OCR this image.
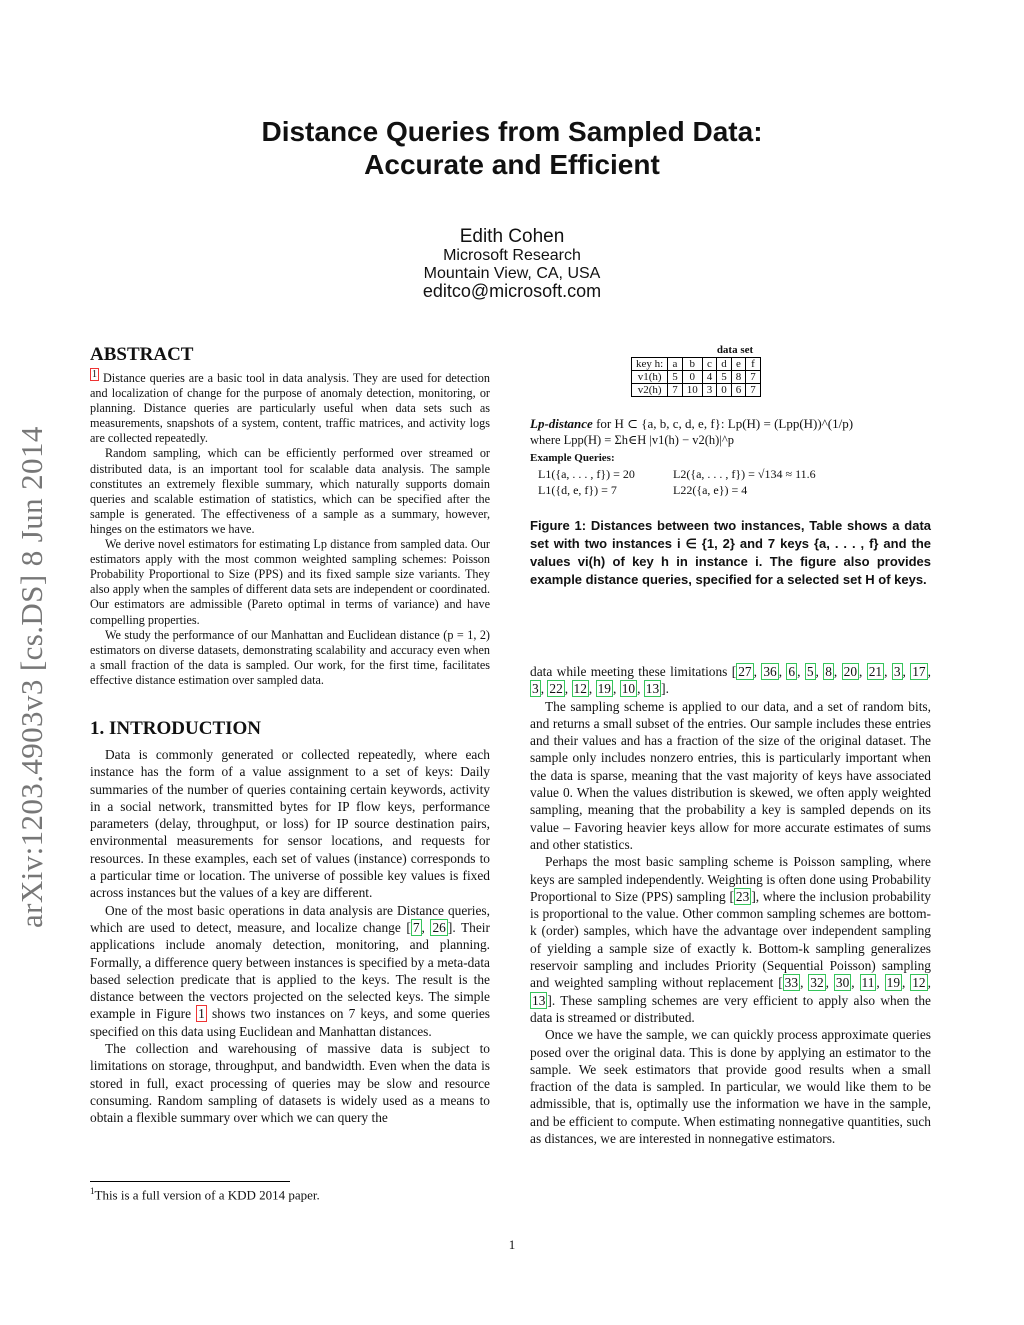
Distance Queries from Sampled Data:
Accurate and Efficient
Edith Cohen
Microsoft Research
Mountain View, CA, USA
editco@microsoft.com
arXiv:1203.4903v3 [cs.DS] 8 Jun 2014
ABSTRACT

$^1$ Distance queries are a basic tool in data analysis. They are used for detection and localization of change for the purpose of anomaly detection, monitoring, or planning. Distance queries are particularly useful when data sets such as measurements, snapshots of a system, content, traffic matrices, and activity logs are collected repeatedly.

Random sampling, which can be efficiently performed over streamed or distributed data, is an important tool for scalable data analysis. The sample constitutes an extremely flexible summary, which naturally supports domain queries and scalable estimation of statistics, which can be specified after the sample is generated. The effectiveness of a sample as a summary, however, hinges on the estimators we have.

We derive novel estimators for estimating Lp distance from sampled data. Our estimators apply with the most common weighted sampling schemes: Poisson Probability Proportional to Size (PPS) and its fixed sample size variants. They also apply when the samples of different data sets are independent or coordinated. Our estimators are admissible (Pareto optimal in terms of variance) and have compelling properties.

We study the performance of our Manhattan and Euclidean distance (p = 1, 2) estimators on diverse datasets, demonstrating scalability and accuracy even when a small fraction of the data is sampled. Our work, for the first time, facilitates effective distance estimation over sampled data.

1. INTRODUCTION

Data is commonly generated or collected repeatedly, where each instance has the form of a value assignment to a set of keys: Daily summaries of the number of queries containing certain keywords, activity in a social network, transmitted bytes for IP flow keys, performance parameters (delay, throughput, or loss) for IP source destination pairs, environmental measurements for sensor locations, and requests for resources. In these examples, each set of values (instance) corresponds to a particular time or location. The universe of possible key values is fixed across instances but the values of a key are different.

One of the most basic operations in data analysis are Distance queries, which are used to detect, measure, and localize change [ 7 , 26 ]. Their applications include anomaly detection, monitoring, and planning. Formally, a difference query between instances is specified by a meta-data based selection predicate that is applied to the keys. The result is the distance between the vectors projected on the selected keys. The simple example in Figure 1 shows two instances on 7 keys, and some queries specified on this data using Euclidean and Manhattan distances.

The collection and warehousing of massive data is subject to limitations on storage, throughput, and bandwidth. Even when the data is stored in full, exact processing of queries may be slow and resource consuming. Random sampling of datasets is widely used as a means to obtain a flexible summary over which we can query the

$^1$This is a full version of a KDD 2014 paper.
data set
key h:	a	b	c	d	e	f
v1(h)	5	0	4	5	8	7
v2(h)	7	10	3	0	6	7
Lp-distance for H ⊂ {a, b, c, d, e, f}: Lp(H) = (Lpp(H))^(1/p)
where Lpp(H) = Σh∈H |v1(h) − v2(h)|^p
Example Queries:
L1({a, . . . , f}) = 20	L2({a, . . . , f}) = √134 ≈ 11.6
L1({d, e, f}) = 7	L22({a, e}) = 4
Figure 1: Distances between two instances, Table shows a data set with two instances i ∈ {1, 2} and 7 keys {a, . . . , f} and the values vi(h) of key h in instance i. The figure also provides example distance queries, specified for a selected set H of keys.

data while meeting these limitations [ 27 , 36 , 6 , 5 , 8 , 20 , 21 , 3 , 17 , 3 , 22 , 12 , 19 , 10 , 13 ].

The sampling scheme is applied to our data, and a set of random bits, and returns a small subset of the entries. Our sample includes these entries and their values and has a fraction of the size of the original dataset. The sample only includes nonzero entries, this is particularly important when the data is sparse, meaning that the vast majority of keys have associated value 0. When the values distribution is skewed, we often apply weighted sampling, meaning that the probability a key is sampled depends on its value – Favoring heavier keys allow for more accurate estimates of sums and other statistics.

Perhaps the most basic sampling scheme is Poisson sampling, where keys are sampled independently. Weighting is often done using Probability Proportional to Size (PPS) sampling [ 23 ], where the inclusion probability is proportional to the value. Other common sampling schemes are bottom-k (order) samples, which have the advantage over independent sampling of yielding a sample size of exactly k. Bottom-k sampling generalizes reservoir sampling and includes Priority (Sequential Poisson) sampling and weighted sampling without replacement [ 33 , 32 , 30 , 11 , 19 , 12 , 13 ]. These sampling schemes are very efficient to apply also when the data is streamed or distributed.

Once we have the sample, we can quickly process approximate queries posed over the original data. This is done by applying an estimator to the sample. We seek estimators that provide good results when a small fraction of the data is sampled. In particular, we would like them to be admissible, that is, optimally use the information we have in the sample, and be efficient to compute. When estimating nonnegative quantities, such as distances, we are interested in nonnegative estimators.

1
